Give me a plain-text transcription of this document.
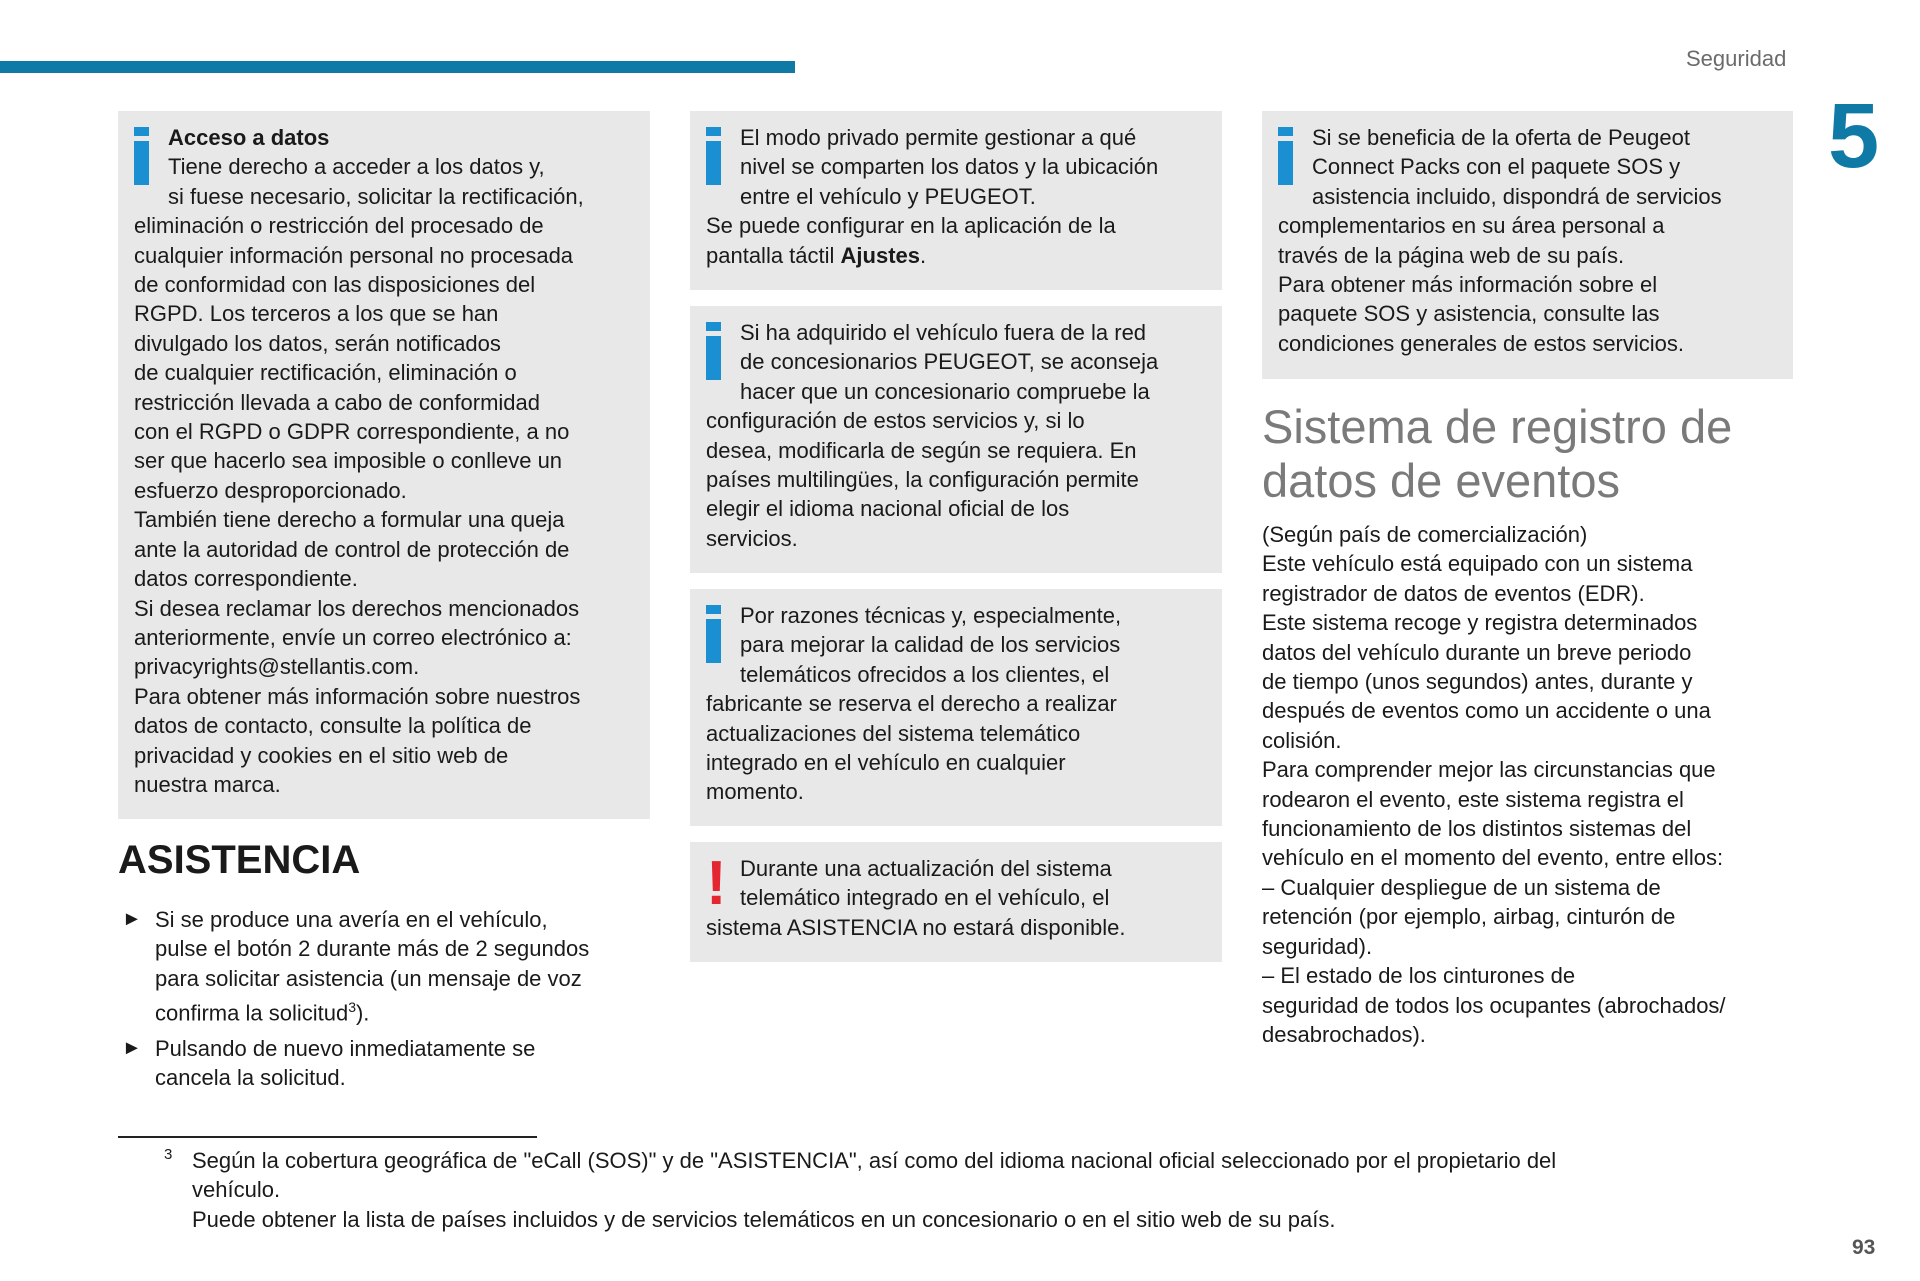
Seguridad
5
Acceso a datos
Tiene derecho a acceder a los datos y,
si fuese necesario, solicitar la rectificación,
eliminación o restricción del procesado de
cualquier información personal no procesada
de conformidad con las disposiciones del
RGPD. Los terceros a los que se han
divulgado los datos, serán notificados
de cualquier rectificación, eliminación o
restricción llevada a cabo de conformidad
con el RGPD o GDPR correspondiente, a no
ser que hacerlo sea imposible o conlleve un
esfuerzo desproporcionado.
También tiene derecho a formular una queja
ante la autoridad de control de protección de
datos correspondiente.
Si desea reclamar los derechos mencionados
anteriormente, envíe un correo electrónico a:
privacyrights@stellantis.com.
Para obtener más información sobre nuestros
datos de contacto, consulte la política de
privacidad y cookies en el sitio web de
nuestra marca.
ASISTENCIA
► Si se produce una avería en el vehículo,
pulse el botón 2 durante más de 2 segundos
para solicitar asistencia (un mensaje de voz
confirma la solicitud$^3$).
► Pulsando de nuevo inmediatamente se
cancela la solicitud.
El modo privado permite gestionar a qué
nivel se comparten los datos y la ubicación
entre el vehículo y PEUGEOT.
Se puede configurar en la aplicación de la
pantalla táctil Ajustes.
Si ha adquirido el vehículo fuera de la red
de concesionarios PEUGEOT, se aconseja
hacer que un concesionario compruebe la
configuración de estos servicios y, si lo
desea, modificarla de según se requiera. En
países multilingües, la configuración permite
elegir el idioma nacional oficial de los
servicios.
Por razones técnicas y, especialmente,
para mejorar la calidad de los servicios
telemáticos ofrecidos a los clientes, el
fabricante se reserva el derecho a realizar
actualizaciones del sistema telemático
integrado en el vehículo en cualquier
momento.
! Durante una actualización del sistema
telemático integrado en el vehículo, el
sistema ASISTENCIA no estará disponible.
Si se beneficia de la oferta de Peugeot
Connect Packs con el paquete SOS y
asistencia incluido, dispondrá de servicios
complementarios en su área personal a
través de la página web de su país.
Para obtener más información sobre el
paquete SOS y asistencia, consulte las
condiciones generales de estos servicios.
Sistema de registro de
datos de eventos
(Según país de comercialización)
Este vehículo está equipado con un sistema
registrador de datos de eventos (EDR).
Este sistema recoge y registra determinados
datos del vehículo durante un breve periodo
de tiempo (unos segundos) antes, durante y
después de eventos como un accidente o una
colisión.
Para comprender mejor las circunstancias que
rodearon el evento, este sistema registra el
funcionamiento de los distintos sistemas del
vehículo en el momento del evento, entre ellos:
– Cualquier despliegue de un sistema de
retención (por ejemplo, airbag, cinturón de
seguridad).
– El estado de los cinturones de
seguridad de todos los ocupantes (abrochados/
desabrochados).
3 Según la cobertura geográfica de "eCall (SOS)" y de "ASISTENCIA", así como del idioma nacional oficial seleccionado por el propietario del
vehículo.
Puede obtener la lista de países incluidos y de servicios telemáticos en un concesionario o en el sitio web de su país.
93
